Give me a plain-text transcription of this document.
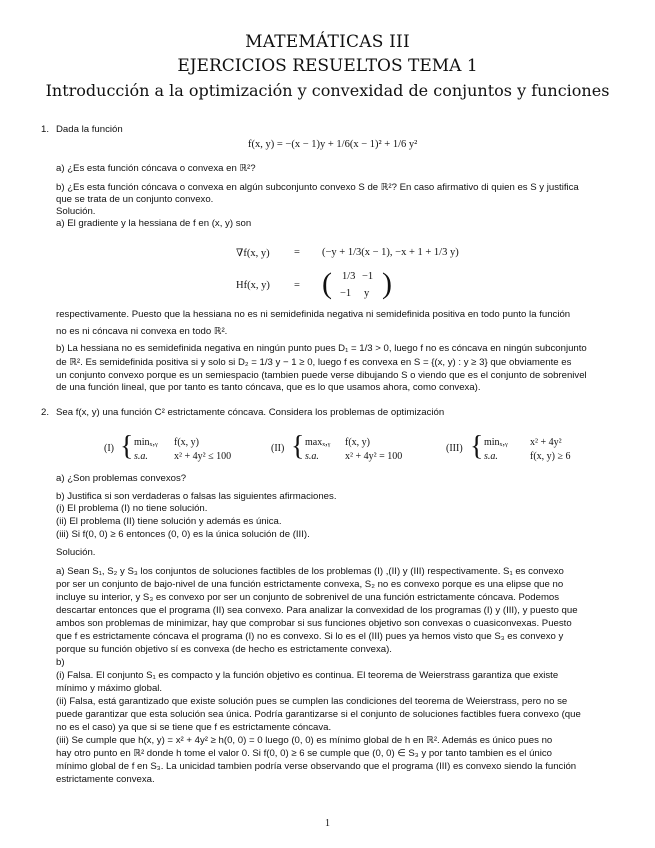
MATEMÁTICAS III
EJERCICIOS RESUELTOS TEMA 1
Introducción a la optimización y convexidad de conjuntos y funciones
1. Dada la función
f(x, y) = −(x − 1)y + 1/6(x − 1)² + 1/6 y²
a) ¿Es esta función cóncava o convexa en ℝ²?
b) ¿Es esta función cóncava o convexa en algún subconjunto convexo S de ℝ²? En caso afirmativo di quien es S y justifica
que se trata de un conjunto convexo.
Solución.
a) El gradiente y la hessiana de f en (x, y) son
∇f(x, y) = (−y + 1/3(x − 1), −x + 1 + 1/3 y)
Hf(x, y) = ( 1/3 −1
−1 y )
respectivamente. Puesto que la hessiana no es ni semidefinida negativa ni semidefinida positiva en todo punto la función
no es ni cóncava ni convexa en todo ℝ².
b) La hessiana no es semidefinida negativa en ningún punto pues D₁ = 1/3 > 0, luego f no es cóncava en ningún subconjunto
de ℝ². Es semidefinida positiva si y solo si D₂ = 1/3 y − 1 ≥ 0, luego f es convexa en S = {(x, y) : y ≥ 3} que obviamente es
un conjunto convexo porque es un semiespacio (tambien puede verse dibujando S o viendo que es el conjunto de sobrenivel
de una función lineal, que por tanto es tanto cóncava, que es lo que usamos ahora, como convexa).
2. Sea f(x, y) una función C² estrictamente cóncava. Considera los problemas de optimización
(I) { minₓ,ᵧ f(x, y)
s.a.	x² + 4y² ≤ 100
(II) { maxₓ,ᵧ f(x, y)
s.a.	x² + 4y² = 100
(III) { minₓ,ᵧ x² + 4y²
s.a.	f(x, y) ≥ 6
a) ¿Son problemas convexos?
b) Justifica si son verdaderas o falsas las siguientes afirmaciones.
(i) El problema (I) no tiene solución.
(ii) El problema (II) tiene solución y además es única.
(iii) Si f(0, 0) ≥ 6 entonces (0, 0) es la única solución de (III).
Solución.
a) Sean S₁, S₂ y S₃ los conjuntos de soluciones factibles de los problemas (I) ,(II) y (III) respectivamente. S₁ es convexo
por ser un conjunto de bajo-nivel de una función estrictamente convexa, S₂ no es convexo porque es una elipse que no
incluye su interior, y S₃ es convexo por ser un conjunto de sobrenivel de una función estrictamente cóncava. Podemos
descartar entonces que el programa (II) sea convexo. Para analizar la convexidad de los programas (I) y (III), y puesto que
ambos son problemas de minimizar, hay que comprobar si sus funciones objetivo son convexas o cuasiconvexas. Puesto
que f es estrictamente cóncava el programa (I) no es convexo. Si lo es el (III) pues ya hemos visto que S₃ es convexo y
porque su función objetivo sí es convexa (de hecho es estrictamente convexa).
b)
(i) Falsa. El conjunto S₁ es compacto y la función objetivo es continua. El teorema de Weierstrass garantiza que existe
mínimo y máximo global.
(ii) Falsa, está garantizado que existe solución pues se cumplen las condiciones del teorema de Weierstrass, pero no se
puede garantizar que esta solución sea única. Podría garantizarse si el conjunto de soluciones factibles fuera convexo (que
no es el caso) ya que si se tiene que f es estrictamente cóncava.
(iii) Se cumple que h(x, y) = x² + 4y² ≥ h(0, 0) = 0 luego (0, 0) es mínimo global de h en ℝ². Además es único pues no
hay otro punto en ℝ² donde h tome el valor 0. Si f(0, 0) ≥ 6 se cumple que (0, 0) ∈ S₃ y por tanto tambien es el único
mínimo global de f en S₃. La unicidad tambien podría verse observando que el programa (III) es convexo siendo la función
estrictamente convexa.
1
